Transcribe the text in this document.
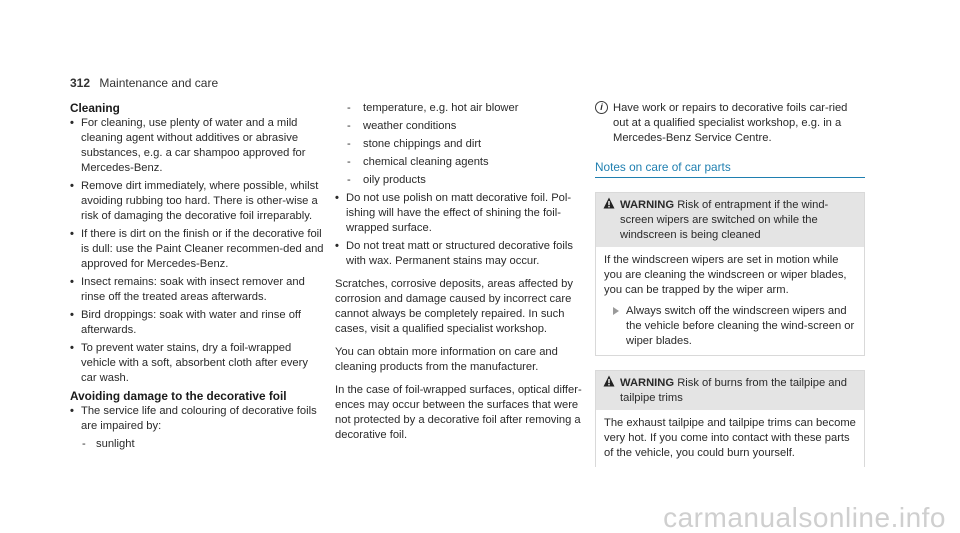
312 Maintenance and care
Cleaning
• For cleaning, use plenty of water and a mild cleaning agent without additives or abrasive substances, e.g. a car shampoo approved for Mercedes-Benz.
• Remove dirt immediately, where possible, whilst avoiding rubbing too hard. There is other-wise a risk of damaging the decorative foil irreparably.
• If there is dirt on the finish or if the decorative foil is dull: use the Paint Cleaner recommen-ded and approved for Mercedes-Benz.
• Insect remains: soak with insect remover and rinse off the treated areas afterwards.
• Bird droppings: soak with water and rinse off afterwards.
• To prevent water stains, dry a foil-wrapped vehicle with a soft, absorbent cloth after every car wash.
Avoiding damage to the decorative foil
• The service life and colouring of decorative foils are impaired by:
- sunlight
- temperature, e.g. hot air blower
- weather conditions
- stone chippings and dirt
- chemical cleaning agents
- oily products
• Do not use polish on matt decorative foil. Pol-ishing will have the effect of shining the foil-wrapped surface.
• Do not treat matt or structured decorative foils with wax. Permanent stains may occur.

Scratches, corrosive deposits, areas affected by corrosion and damage caused by incorrect care cannot always be completely repaired. In such cases, visit a qualified specialist workshop.

You can obtain more information on care and cleaning products from the manufacturer.

In the case of foil-wrapped surfaces, optical differ-ences may occur between the surfaces that were not protected by a decorative foil after removing a decorative foil.

i Have work or repairs to decorative foils car-ried out at a qualified specialist workshop, e.g. in a Mercedes-Benz Service Centre.
Notes on care of car parts
WARNING Risk of entrapment if the wind-screen wipers are switched on while the windscreen is being cleaned

If the windscreen wipers are set in motion while you are cleaning the windscreen or wiper blades, you can be trapped by the wiper arm.

Always switch off the windscreen wipers and the vehicle before cleaning the wind-screen or wiper blades.
WARNING Risk of burns from the tailpipe and tailpipe trims

The exhaust tailpipe and tailpipe trims can become very hot. If you come into contact with these parts of the vehicle, you could burn yourself.

carmanualsonline.info
